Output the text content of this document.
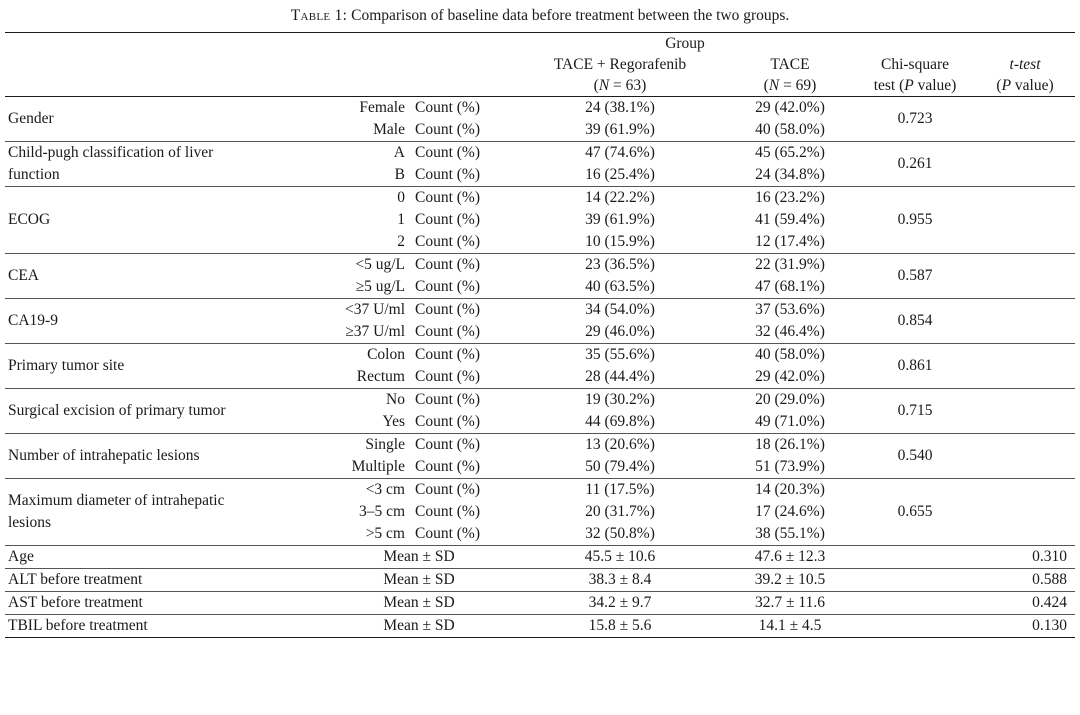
Table 1: Comparison of baseline data before treatment between the two groups.
			Group			
			TACE + Regorafenib	TACE	Chi-square	t-test
			(N = 63)	(N = 69)	test (P value)	(P value)

Gender	Female	Count (%)	24 (38.1%)	29 (42.0%)	0.723	
	Male	Count (%)	39 (61.9%)	40 (58.0%)		

Child-pugh classification of liver
function	A	Count (%)	47 (74.6%)	45 (65.2%)	0.261	
	B	Count (%)	16 (25.4%)	24 (34.8%)		

ECOG	0	Count (%)	14 (22.2%)	16 (23.2%)	0.955	
	1	Count (%)	39 (61.9%)	41 (59.4%)		
	2	Count (%)	10 (15.9%)	12 (17.4%)		

CEA	<5 ug/L	Count (%)	23 (36.5%)	22 (31.9%)	0.587	
	≥5 ug/L	Count (%)	40 (63.5%)	47 (68.1%)		

CA19-9	<37 U/ml	Count (%)	34 (54.0%)	37 (53.6%)	0.854	
	≥37 U/ml	Count (%)	29 (46.0%)	32 (46.4%)		

Primary tumor site	Colon	Count (%)	35 (55.6%)	40 (58.0%)	0.861	
	Rectum	Count (%)	28 (44.4%)	29 (42.0%)		

Surgical excision of primary tumor	No	Count (%)	19 (30.2%)	20 (29.0%)	0.715	
	Yes	Count (%)	44 (69.8%)	49 (71.0%)		

Number of intrahepatic lesions	Single	Count (%)	13 (20.6%)	18 (26.1%)	0.540	
	Multiple	Count (%)	50 (79.4%)	51 (73.9%)		

Maximum diameter of intrahepatic
lesions	<3 cm	Count (%)	11 (17.5%)	14 (20.3%)	0.655	
	3–5 cm	Count (%)	20 (31.7%)	17 (24.6%)		
	>5 cm	Count (%)	32 (50.8%)	38 (55.1%)		
Age	Mean ± SD		45.5 ± 10.6	47.6 ± 12.3		0.310
ALT before treatment	Mean ± SD		38.3 ± 8.4	39.2 ± 10.5		0.588
AST before treatment	Mean ± SD		34.2 ± 9.7	32.7 ± 11.6		0.424
TBIL before treatment	Mean ± SD		15.8 ± 5.6	14.1 ± 4.5		0.130
